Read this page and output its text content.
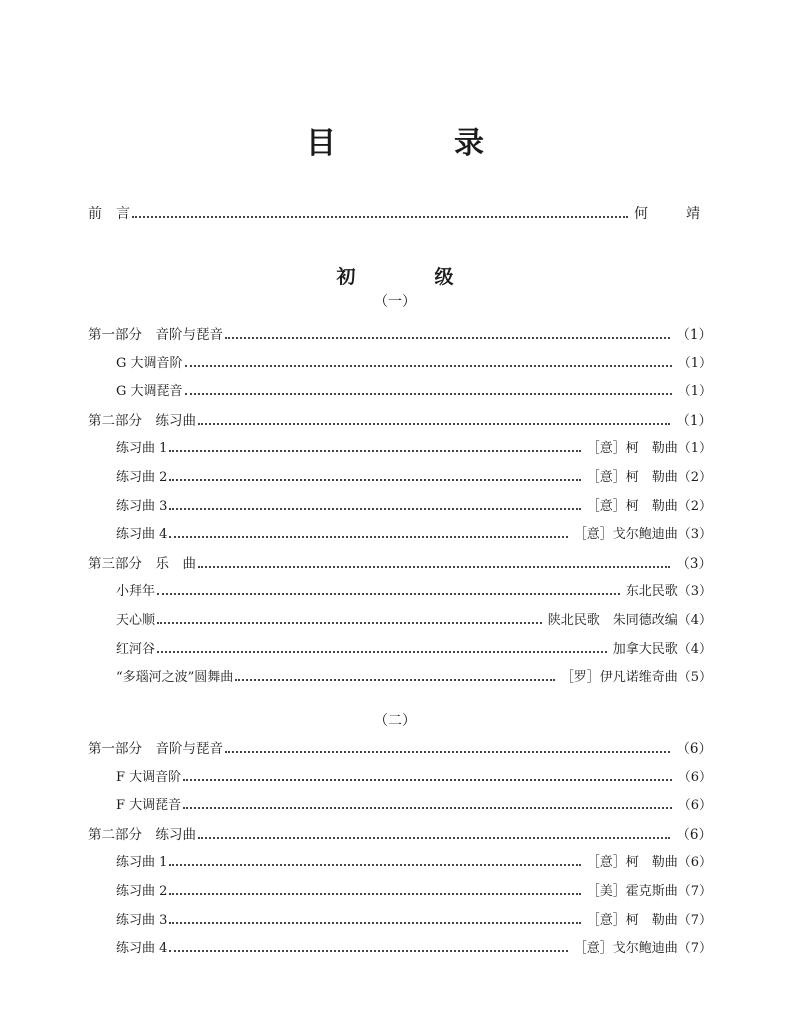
目　录
前　言	何　靖
初　级
（一）
第一部分　音阶与琵音	（1）
G 大调音阶	（1）
G 大调琵音	（1）
第二部分　练习曲	（1）
练习曲 1	［意］柯　勒曲（1）
练习曲 2	［意］柯　勒曲（2）
练习曲 3	［意］柯　勒曲（2）
练习曲 4	［意］戈尔鲍迪曲（3）
第三部分　乐　曲	（3）
小拜年	东北民歌（3）
天心顺	陕北民歌　朱同德改编（4）
红河谷	加拿大民歌（4）
“多瑙河之波”圆舞曲	［罗］伊凡诺维奇曲（5）
（二）
第一部分　音阶与琵音	（6）
F 大调音阶	（6）
F 大调琵音	（6）
第二部分　练习曲	（6）
练习曲 1	［意］柯　勒曲（6）
练习曲 2	［美］霍克斯曲（7）
练习曲 3	［意］柯　勒曲（7）
练习曲 4	［意］戈尔鲍迪曲（7）
